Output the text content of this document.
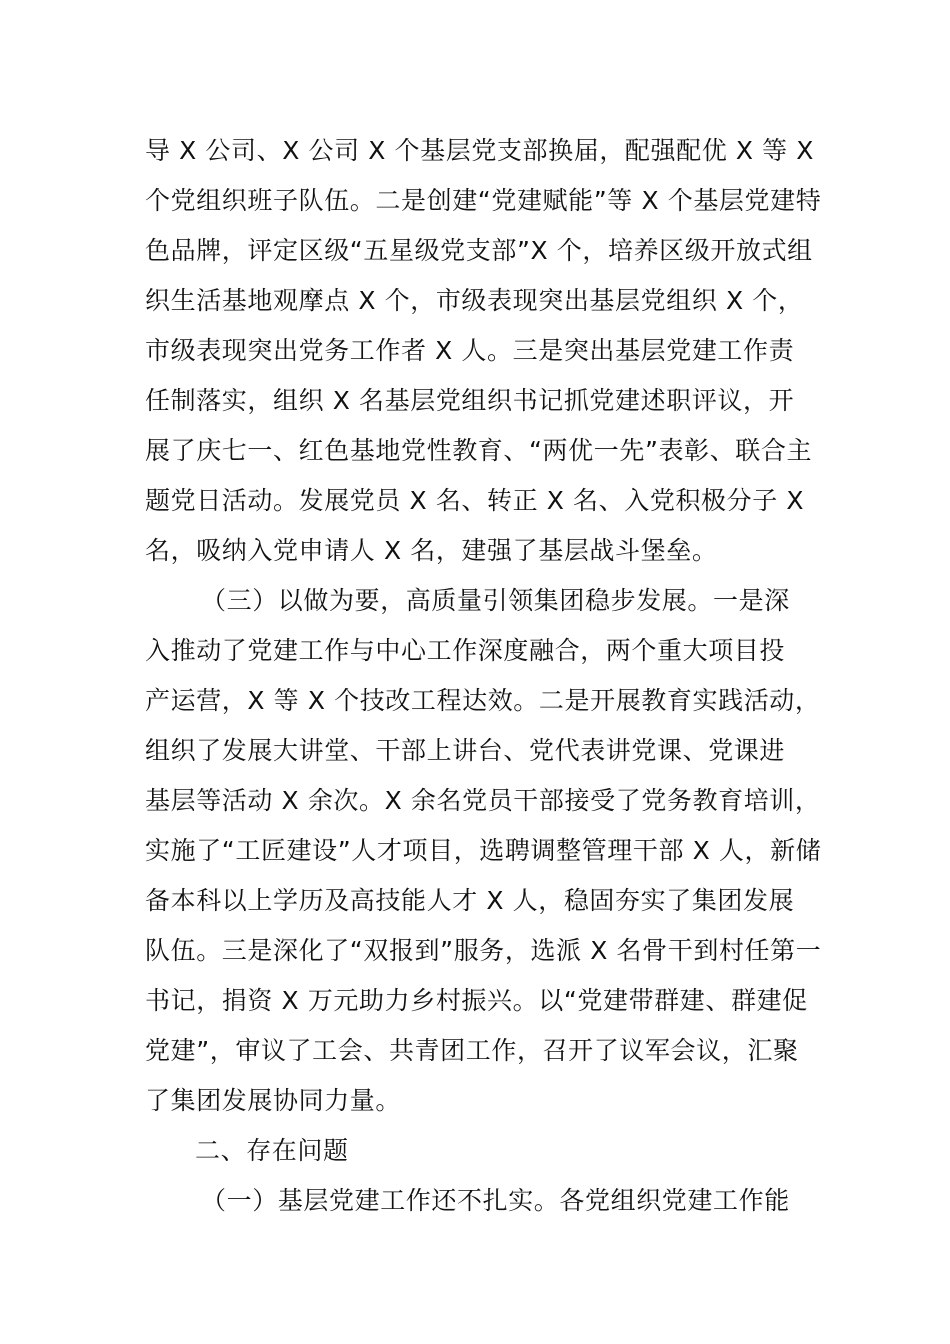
导 X 公司、X 公司 X 个基层党支部换届，配强配优 X 等 X
个党组织班子队伍。二是创建“党建赋能”等 X 个基层党建特
色品牌，评定区级“五星级党支部”X 个，培养区级开放式组
织生活基地观摩点 X 个，市级表现突出基层党组织 X 个，
市级表现突出党务工作者 X 人。三是突出基层党建工作责
任制落实，组织 X 名基层党组织书记抓党建述职评议，开
展了庆七一、红色基地党性教育、“两优一先”表彰、联合主
题党日活动。发展党员 X 名、转正 X 名、入党积极分子 X
名，吸纳入党申请人 X 名，建强了基层战斗堡垒。
（三）以做为要，高质量引领集团稳步发展。一是深
入推动了党建工作与中心工作深度融合，两个重大项目投
产运营，X 等 X 个技改工程达效。二是开展教育实践活动，
组织了发展大讲堂、干部上讲台、党代表讲党课、党课进
基层等活动 X 余次。X 余名党员干部接受了党务教育培训，
实施了“工匠建设”人才项目，选聘调整管理干部 X 人，新储
备本科以上学历及高技能人才 X 人，稳固夯实了集团发展
队伍。三是深化了“双报到”服务，选派 X 名骨干到村任第一
书记，捐资 X 万元助力乡村振兴。以“党建带群建、群建促
党建”，审议了工会、共青团工作，召开了议军会议，汇聚
了集团发展协同力量。
二、存在问题
（一）基层党建工作还不扎实。各党组织党建工作能
